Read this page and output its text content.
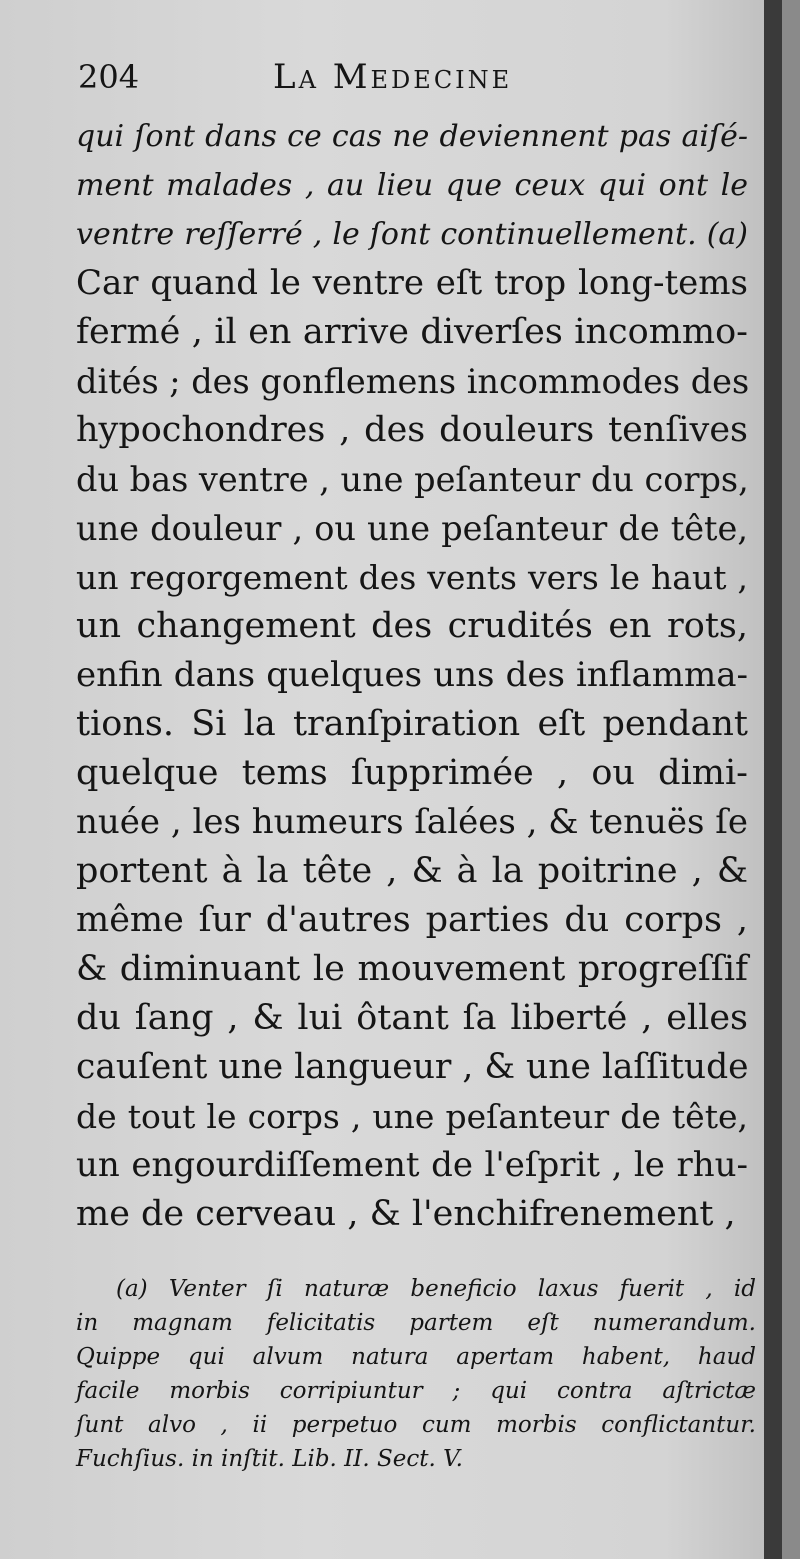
204	La Medecine
qui ſont dans ce cas ne deviennent pas aiſé-
ment malades , au lieu que ceux qui ont le
ventre reſſerré , le ſont continuellement. (a)
Car quand le ventre eſt trop long-tems
fermé , il en arrive diverſes incommo-
dités ; des gonflemens incommodes des
hypochondres , des douleurs tenſives
du bas ventre , une peſanteur du corps,
une douleur , ou une peſanteur de tête,
un regorgement des vents vers le haut ,
un changement des crudités en rots,
enfin dans quelques uns des inflamma-
tions. Si la tranſpiration eſt pendant
quelque tems ſupprimée , ou dimi-
nuée , les humeurs ſalées , & tenuës ſe
portent à la tête , & à la poitrine , &
même ſur d'autres parties du corps ,
& diminuant le mouvement progreſſif
du ſang , & lui ôtant ſa liberté , elles
cauſent une langueur , & une laſſitude
de tout le corps , une peſanteur de tête,
un engourdiſſement de l'eſprit , le rhu-
me de cerveau , & l'enchifrenement ,
(a) Venter ſi naturæ beneficio laxus fuerit , id
in magnam felicitatis partem eſt numerandum.
Quippe qui alvum natura apertam habent, haud
facile morbis corripiuntur ; qui contra aſtrictæ
ſunt alvo , ii perpetuo cum morbis conflictantur.
Fuchſius. in inſtit. Lib. II. Sect. V.
